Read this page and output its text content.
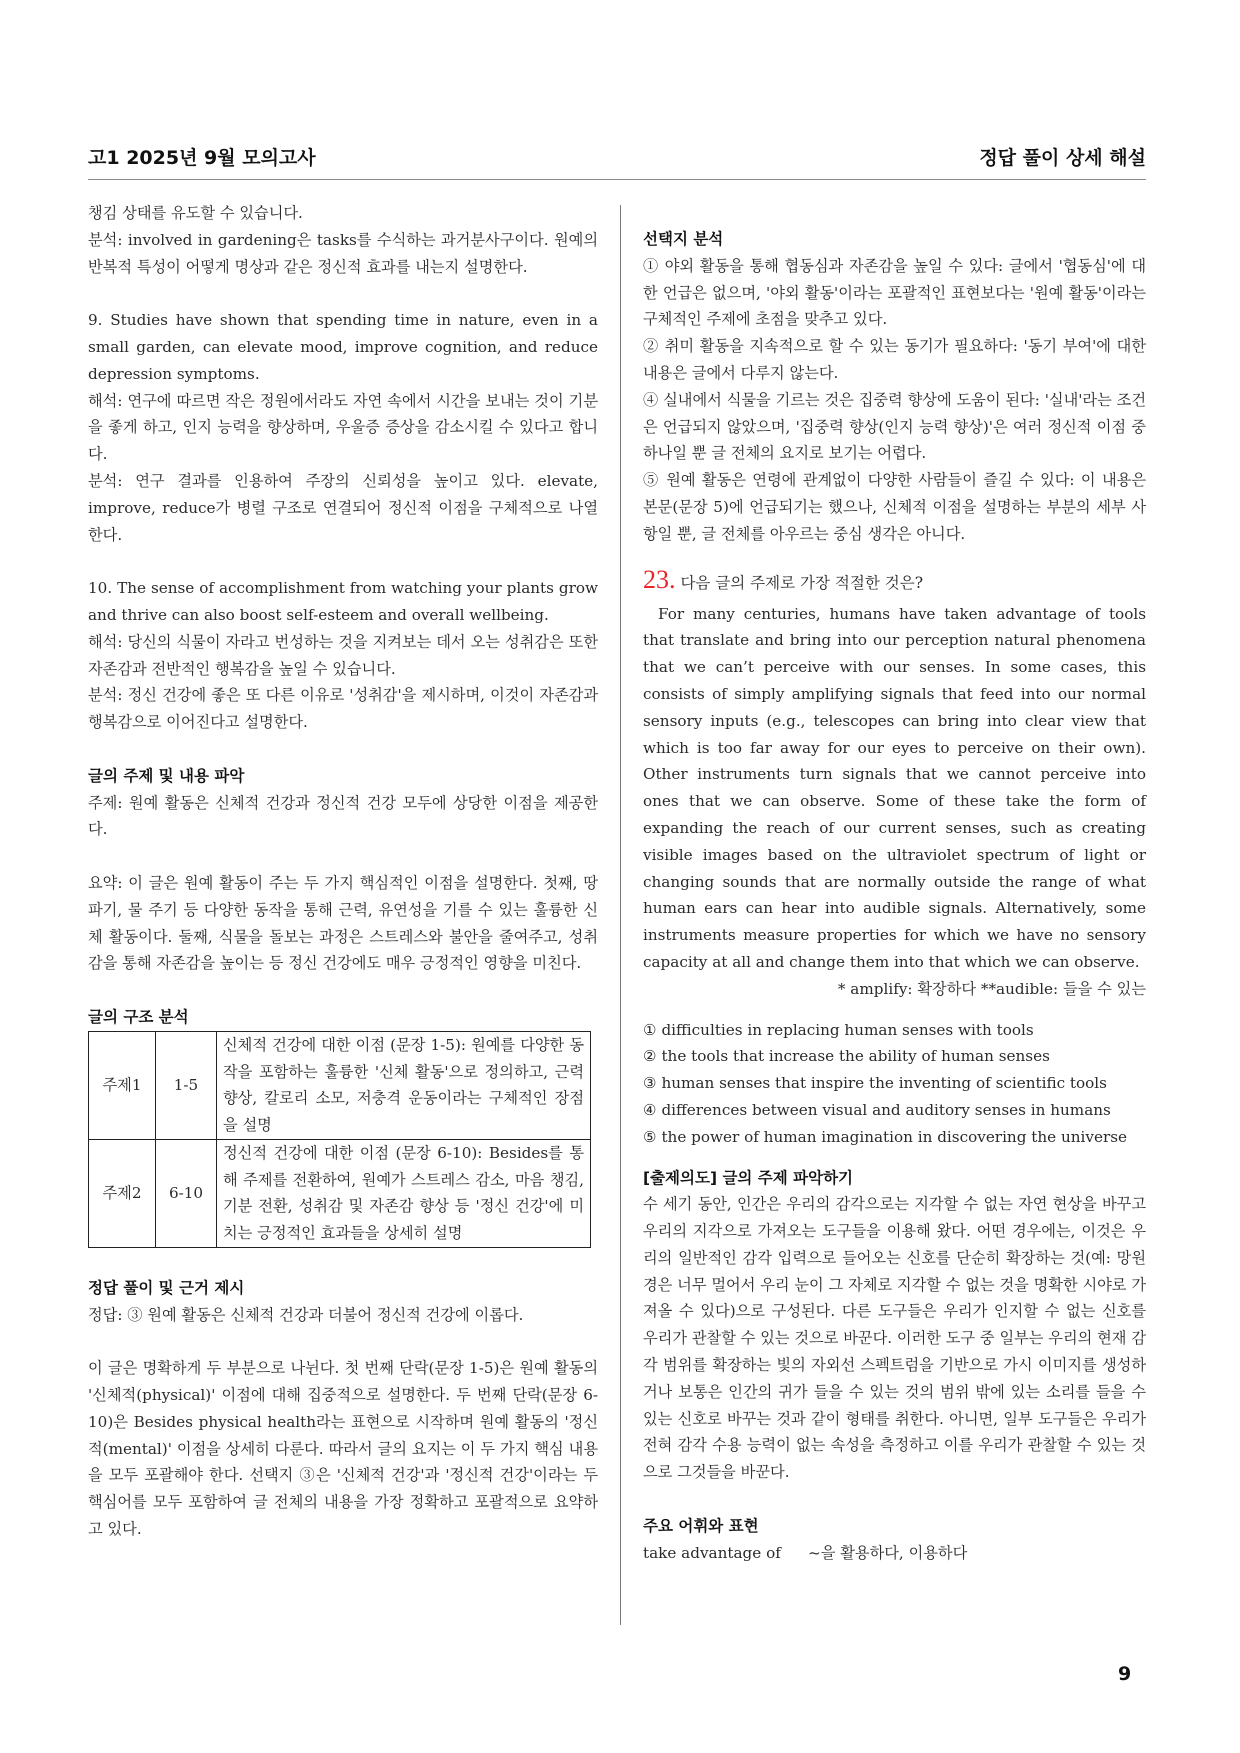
고1 2025년 9월 모의고사	정답 풀이 상세 해설

챙김 상태를 유도할 수 있습니다.

분석: involved in gardening은 tasks를 수식하는 과거분사구이다. 원예의 반복적 특성이 어떻게 명상과 같은 정신적 효과를 내는지 설명한다.

9. Studies have shown that spending time in nature, even in a small garden, can elevate mood, improve cognition, and reduce depression symptoms.

해석: 연구에 따르면 작은 정원에서라도 자연 속에서 시간을 보내는 것이 기분을 좋게 하고, 인지 능력을 향상하며, 우울증 증상을 감소시킬 수 있다고 합니다.

분석: 연구 결과를 인용하여 주장의 신뢰성을 높이고 있다. elevate, improve, reduce가 병렬 구조로 연결되어 정신적 이점을 구체적으로 나열한다.

10. The sense of accomplishment from watching your plants grow and thrive can also boost self-esteem and overall wellbeing.

해석: 당신의 식물이 자라고 번성하는 것을 지켜보는 데서 오는 성취감은 또한 자존감과 전반적인 행복감을 높일 수 있습니다.

분석: 정신 건강에 좋은 또 다른 이유로 '성취감'을 제시하며, 이것이 자존감과 행복감으로 이어진다고 설명한다.

글의 주제 및 내용 파악

주제: 원예 활동은 신체적 건강과 정신적 건강 모두에 상당한 이점을 제공한다.

요약: 이 글은 원예 활동이 주는 두 가지 핵심적인 이점을 설명한다. 첫째, 땅 파기, 물 주기 등 다양한 동작을 통해 근력, 유연성을 기를 수 있는 훌륭한 신체 활동이다. 둘째, 식물을 돌보는 과정은 스트레스와 불안을 줄여주고, 성취감을 통해 자존감을 높이는 등 정신 건강에도 매우 긍정적인 영향을 미친다.

글의 구조 분석

주제1	1-5	신체적 건강에 대한 이점 (문장 1-5): 원예를 다양한 동작을 포함하는 훌륭한 '신체 활동'으로 정의하고, 근력 향상, 칼로리 소모, 저충격 운동이라는 구체적인 장점을 설명
주제2	6-10	정신적 건강에 대한 이점 (문장 6-10): Besides를 통해 주제를 전환하여, 원예가 스트레스 감소, 마음 챙김, 기분 전환, 성취감 및 자존감 향상 등 '정신 건강'에 미치는 긍정적인 효과들을 상세히 설명

정답 풀이 및 근거 제시

정답: ③ 원예 활동은 신체적 건강과 더불어 정신적 건강에 이롭다.

이 글은 명확하게 두 부분으로 나뉜다. 첫 번째 단락(문장 1-5)은 원예 활동의 '신체적(physical)' 이점에 대해 집중적으로 설명한다. 두 번째 단락(문장 6-10)은 Besides physical health라는 표현으로 시작하며 원예 활동의 '정신적(mental)' 이점을 상세히 다룬다. 따라서 글의 요지는 이 두 가지 핵심 내용을 모두 포괄해야 한다. 선택지 ③은 '신체적 건강'과 '정신적 건강'이라는 두 핵심어를 모두 포함하여 글 전체의 내용을 가장 정확하고 포괄적으로 요약하고 있다.

선택지 분석

① 야외 활동을 통해 협동심과 자존감을 높일 수 있다: 글에서 '협동심'에 대한 언급은 없으며, '야외 활동'이라는 포괄적인 표현보다는 '원예 활동'이라는 구체적인 주제에 초점을 맞추고 있다.

② 취미 활동을 지속적으로 할 수 있는 동기가 필요하다: '동기 부여'에 대한 내용은 글에서 다루지 않는다.

④ 실내에서 식물을 기르는 것은 집중력 향상에 도움이 된다: '실내'라는 조건은 언급되지 않았으며, '집중력 향상(인지 능력 향상)'은 여러 정신적 이점 중 하나일 뿐 글 전체의 요지로 보기는 어렵다.

⑤ 원예 활동은 연령에 관계없이 다양한 사람들이 즐길 수 있다: 이 내용은 본문(문장 5)에 언급되기는 했으나, 신체적 이점을 설명하는 부분의 세부 사항일 뿐, 글 전체를 아우르는 중심 생각은 아니다.

23. 다음 글의 주제로 가장 적절한 것은?

For many centuries, humans have taken advantage of tools that translate and bring into our perception natural phenomena that we can’t perceive with our senses. In some cases, this consists of simply amplifying signals that feed into our normal sensory inputs (e.g., telescopes can bring into clear view that which is too far away for our eyes to perceive on their own). Other instruments turn signals that we cannot perceive into ones that we can observe. Some of these take the form of expanding the reach of our current senses, such as creating visible images based on the ultraviolet spectrum of light or changing sounds that are normally outside the range of what human ears can hear into audible signals. Alternatively, some instruments measure properties for which we have no sensory capacity at all and change them into that which we can observe.

* amplify: 확장하다 **audible: 들을 수 있는

① difficulties in replacing human senses with tools

② the tools that increase the ability of human senses

③ human senses that inspire the inventing of scientific tools

④ differences between visual and auditory senses in humans

⑤ the power of human imagination in discovering the universe

[출제의도] 글의 주제 파악하기

수 세기 동안, 인간은 우리의 감각으로는 지각할 수 없는 자연 현상을 바꾸고 우리의 지각으로 가져오는 도구들을 이용해 왔다. 어떤 경우에는, 이것은 우리의 일반적인 감각 입력으로 들어오는 신호를 단순히 확장하는 것(예: 망원경은 너무 멀어서 우리 눈이 그 자체로 지각할 수 없는 것을 명확한 시야로 가져올 수 있다)으로 구성된다. 다른 도구들은 우리가 인지할 수 없는 신호를 우리가 관찰할 수 있는 것으로 바꾼다. 이러한 도구 중 일부는 우리의 현재 감각 범위를 확장하는 빛의 자외선 스펙트럼을 기반으로 가시 이미지를 생성하거나 보통은 인간의 귀가 들을 수 있는 것의 범위 밖에 있는 소리를 들을 수 있는 신호로 바꾸는 것과 같이 형태를 취한다. 아니면, 일부 도구들은 우리가 전혀 감각 수용 능력이 없는 속성을 측정하고 이를 우리가 관찰할 수 있는 것으로 그것들을 바꾼다.

주요 어휘와 표현

take advantage of	~을 활용하다, 이용하다
9
